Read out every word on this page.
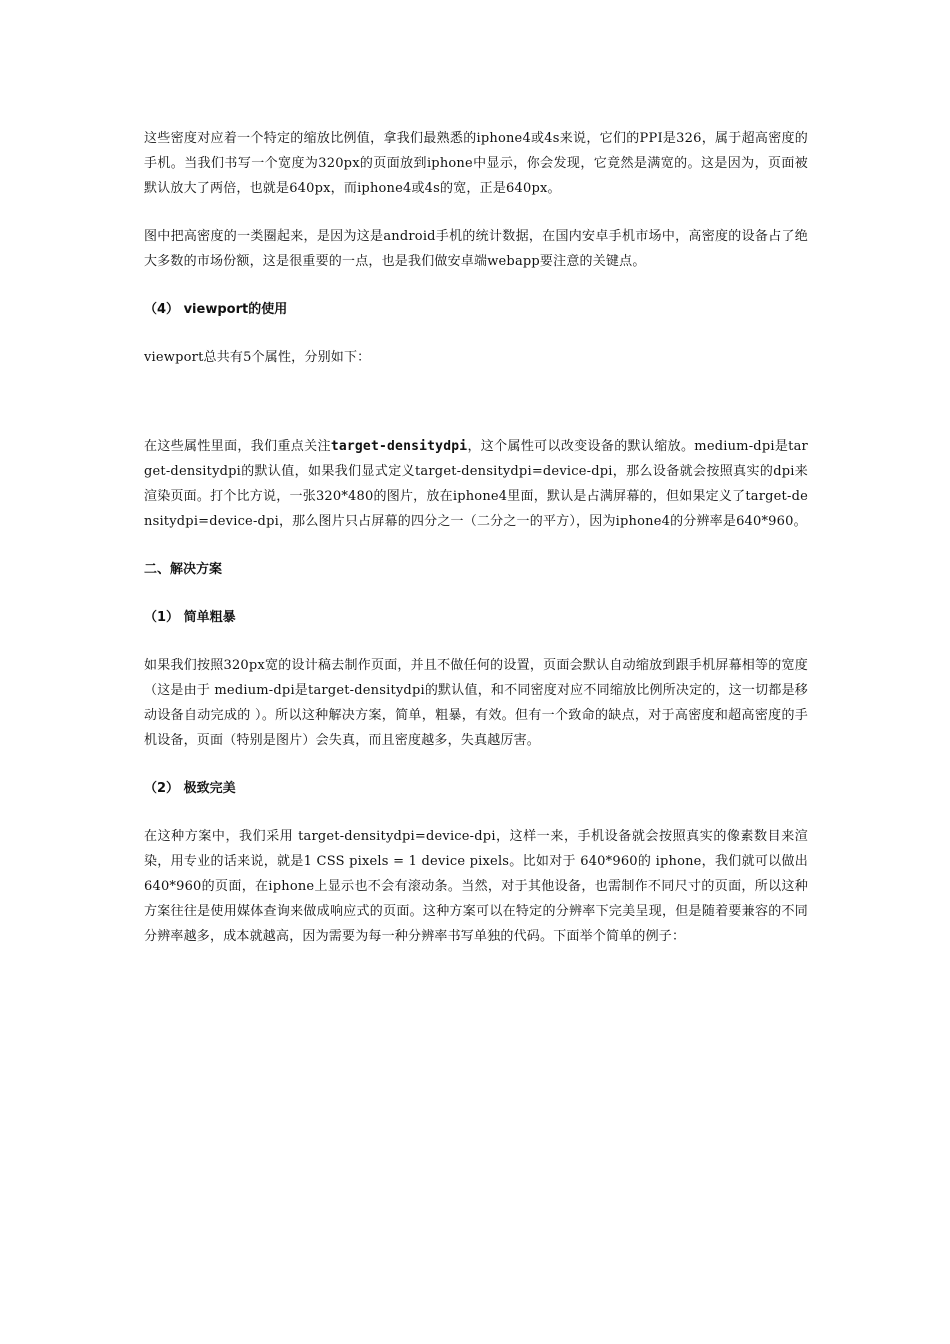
这些密度对应着一个特定的缩放比例值，拿我们最熟悉的iphone4或4s来说，它们的PPI是326，属于超高密度的手机。当我们书写一个宽度为320px的页面放到iphone中显示，你会发现，它竟然是满宽的。这是因为，页面被默认放大了两倍，也就是640px，而iphone4或4s的宽，正是640px。

图中把高密度的一类圈起来，是因为这是android手机的统计数据，在国内安卓手机市场中，高密度的设备占了绝大多数的市场份额，这是很重要的一点，也是我们做安卓端webapp要注意的关键点。

（4） viewport的使用

viewport总共有5个属性，分别如下：

在这些属性里面，我们重点关注target-densitydpi，这个属性可以改变设备的默认缩放。medium-dpi是target-densitydpi的默认值，如果我们显式定义target-densitydpi=device-dpi，那么设备就会按照真实的dpi来渲染页面。打个比方说，一张320*480的图片，放在iphone4里面，默认是占满屏幕的，但如果定义了target-densitydpi=device-dpi，那么图片只占屏幕的四分之一（二分之一的平方），因为iphone4的分辨率是640*960。

二、解决方案

（1） 简单粗暴

如果我们按照320px宽的设计稿去制作页面，并且不做任何的设置，页面会默认自动缩放到跟手机屏幕相等的宽度（这是由于 medium-dpi是target-densitydpi的默认值，和不同密度对应不同缩放比例所决定的，这一切都是移动设备自动完成的 ）。所以这种解决方案，简单，粗暴，有效。但有一个致命的缺点，对于高密度和超高密度的手机设备，页面（特别是图片）会失真，而且密度越多，失真越厉害。

（2） 极致完美

在这种方案中，我们采用 target-densitydpi=device-dpi，这样一来，手机设备就会按照真实的像素数目来渲染，用专业的话来说，就是1 CSS pixels = 1 device pixels。比如对于 640*960的 iphone，我们就可以做出 640*960的页面，在iphone上显示也不会有滚动条。当然，对于其他设备，也需制作不同尺寸的页面，所以这种方案往往是使用媒体查询来做成响应式的页面。这种方案可以在特定的分辨率下完美呈现，但是随着要兼容的不同分辨率越多，成本就越高，因为需要为每一种分辨率书写单独的代码。下面举个简单的例子：
